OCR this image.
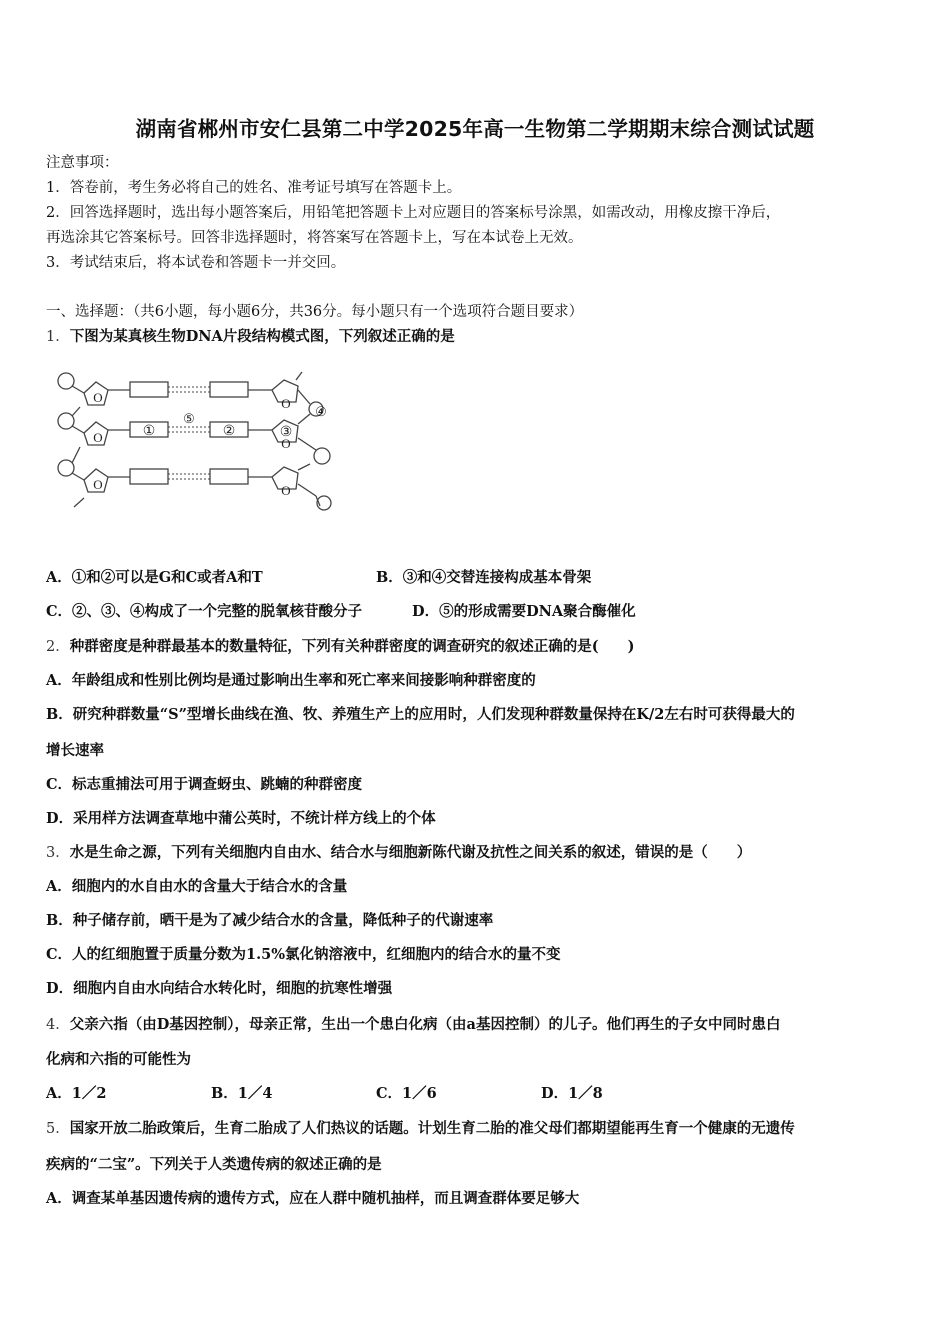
湖南省郴州市安仁县第二中学2025年高一生物第二学期期末综合测试试题
注意事项：
1．答卷前，考生务必将自己的姓名、准考证号填写在答题卡上。
2．回答选择题时，选出每小题答案后，用铅笔把答题卡上对应题目的答案标号涂黑，如需改动，用橡皮擦干净后，
再选涂其它答案标号。回答非选择题时，将答案写在答题卡上，写在本试卷上无效。
3．考试结束后，将本试卷和答题卡一并交回。
一、选择题：（共6小题，每小题6分，共36分。每小题只有一个选项符合题目要求）
1．下图为某真核生物DNA片段结构模式图，下列叙述正确的是
O
O
O
O
O
O
①	②	③
④
⑤
A．①和②可以是G和C或者A和T	B．③和④交替连接构成基本骨架
C．②、③、④构成了一个完整的脱氧核苷酸分子	D．⑤的形成需要DNA聚合酶催化
2．种群密度是种群最基本的数量特征，下列有关种群密度的调查研究的叙述正确的是(　　)
A．年龄组成和性别比例均是通过影响出生率和死亡率来间接影响种群密度的
B．研究种群数量“S”型增长曲线在渔、牧、养殖生产上的应用时，人们发现种群数量保持在K/2左右时可获得最大的
增长速率
C．标志重捕法可用于调查蚜虫、跳蝻的种群密度
D．采用样方法调查草地中蒲公英时，不统计样方线上的个体
3．水是生命之源，下列有关细胞内自由水、结合水与细胞新陈代谢及抗性之间关系的叙述，错误的是（　　）
A．细胞内的水自由水的含量大于结合水的含量
B．种子储存前，晒干是为了减少结合水的含量，降低种子的代谢速率
C．人的红细胞置于质量分数为1.5%氯化钠溶液中，红细胞内的结合水的量不变
D．细胞内自由水向结合水转化时，细胞的抗寒性增强
4．父亲六指（由D基因控制），母亲正常，生出一个患白化病（由a基因控制）的儿子。他们再生的子女中同时患白
化病和六指的可能性为
A．1／2	B．1／4	C．1／6	D．1／8
5．国家开放二胎政策后，生育二胎成了人们热议的话题。计划生育二胎的准父母们都期望能再生育一个健康的无遗传
疾病的“二宝”。下列关于人类遗传病的叙述正确的是
A．调查某单基因遗传病的遗传方式，应在人群中随机抽样，而且调查群体要足够大
